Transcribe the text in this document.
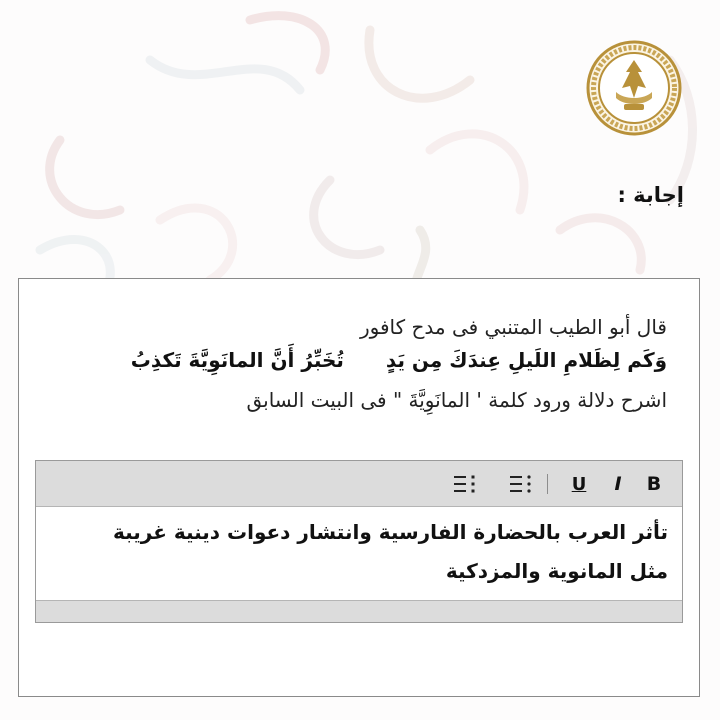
إجابة :
قال أبو الطيب المتنبي فى مدح كافور
وَكَم لِظَلامِ اللَيلِ عِندَكَ مِن يَدٍتُخَبِّرُ أَنَّ المانَوِيَّةَ تَكذِبُ
اشرح دلالة ورود كلمة ' المانَوِيَّةَ " فى البيت السابق
B
I
U
تأثر العرب بالحضارة الفارسية وانتشار دعوات دينية غريبة
مثل المانوية والمزدكية
